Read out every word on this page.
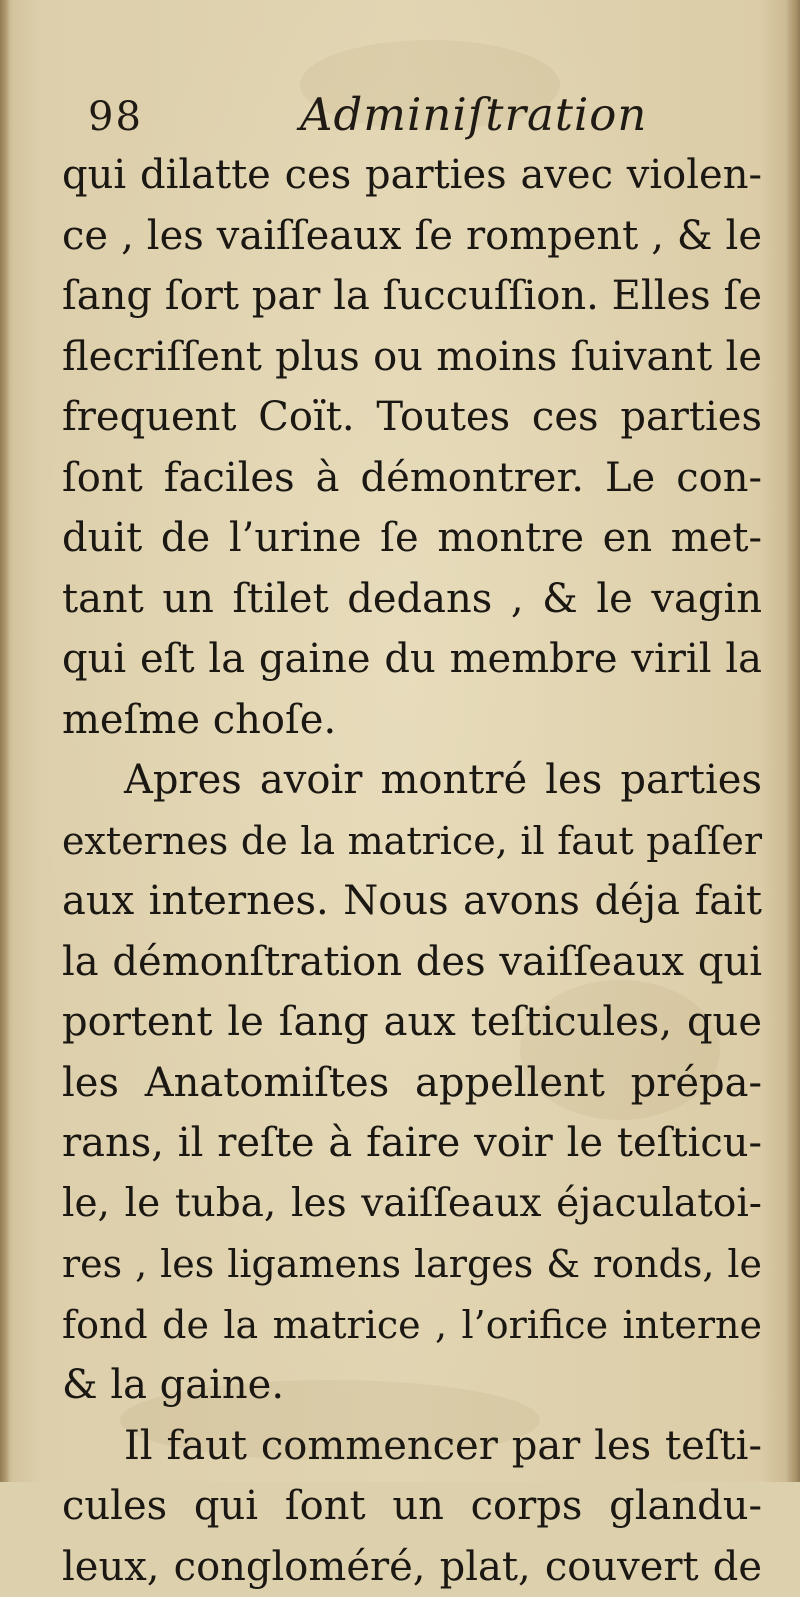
98	Adminiſtration
qui dilatte ces parties avec violen-
ce , les vaiſſeaux ſe rompent , & le
ſang ſort par la ſuccuſſion. Elles ſe
flecriſſent plus ou moins ſuivant le
frequent Coït. Toutes ces parties
ſont faciles à démontrer. Le con-
duit de l’urine ſe montre en met-
tant un ſtilet dedans , & le vagin
qui eſt la gaine du membre viril la
meſme choſe.
Apres avoir montré les parties
externes de la matrice, il faut paſſer
aux internes. Nous avons déja fait
la démonſtration des vaiſſeaux qui
portent le ſang aux teſticules, que
les Anatomiſtes appellent prépa-
rans, il reſte à faire voir le teſticu-
le, le tuba, les vaiſſeaux éjaculatoi-
res , les ligamens larges & ronds, le
fond de la matrice , l’orifice interne
& la gaine.
Il faut commencer par les teſti-
cules qui ſont un corps glandu-
leux, congloméré, plat, couvert de
